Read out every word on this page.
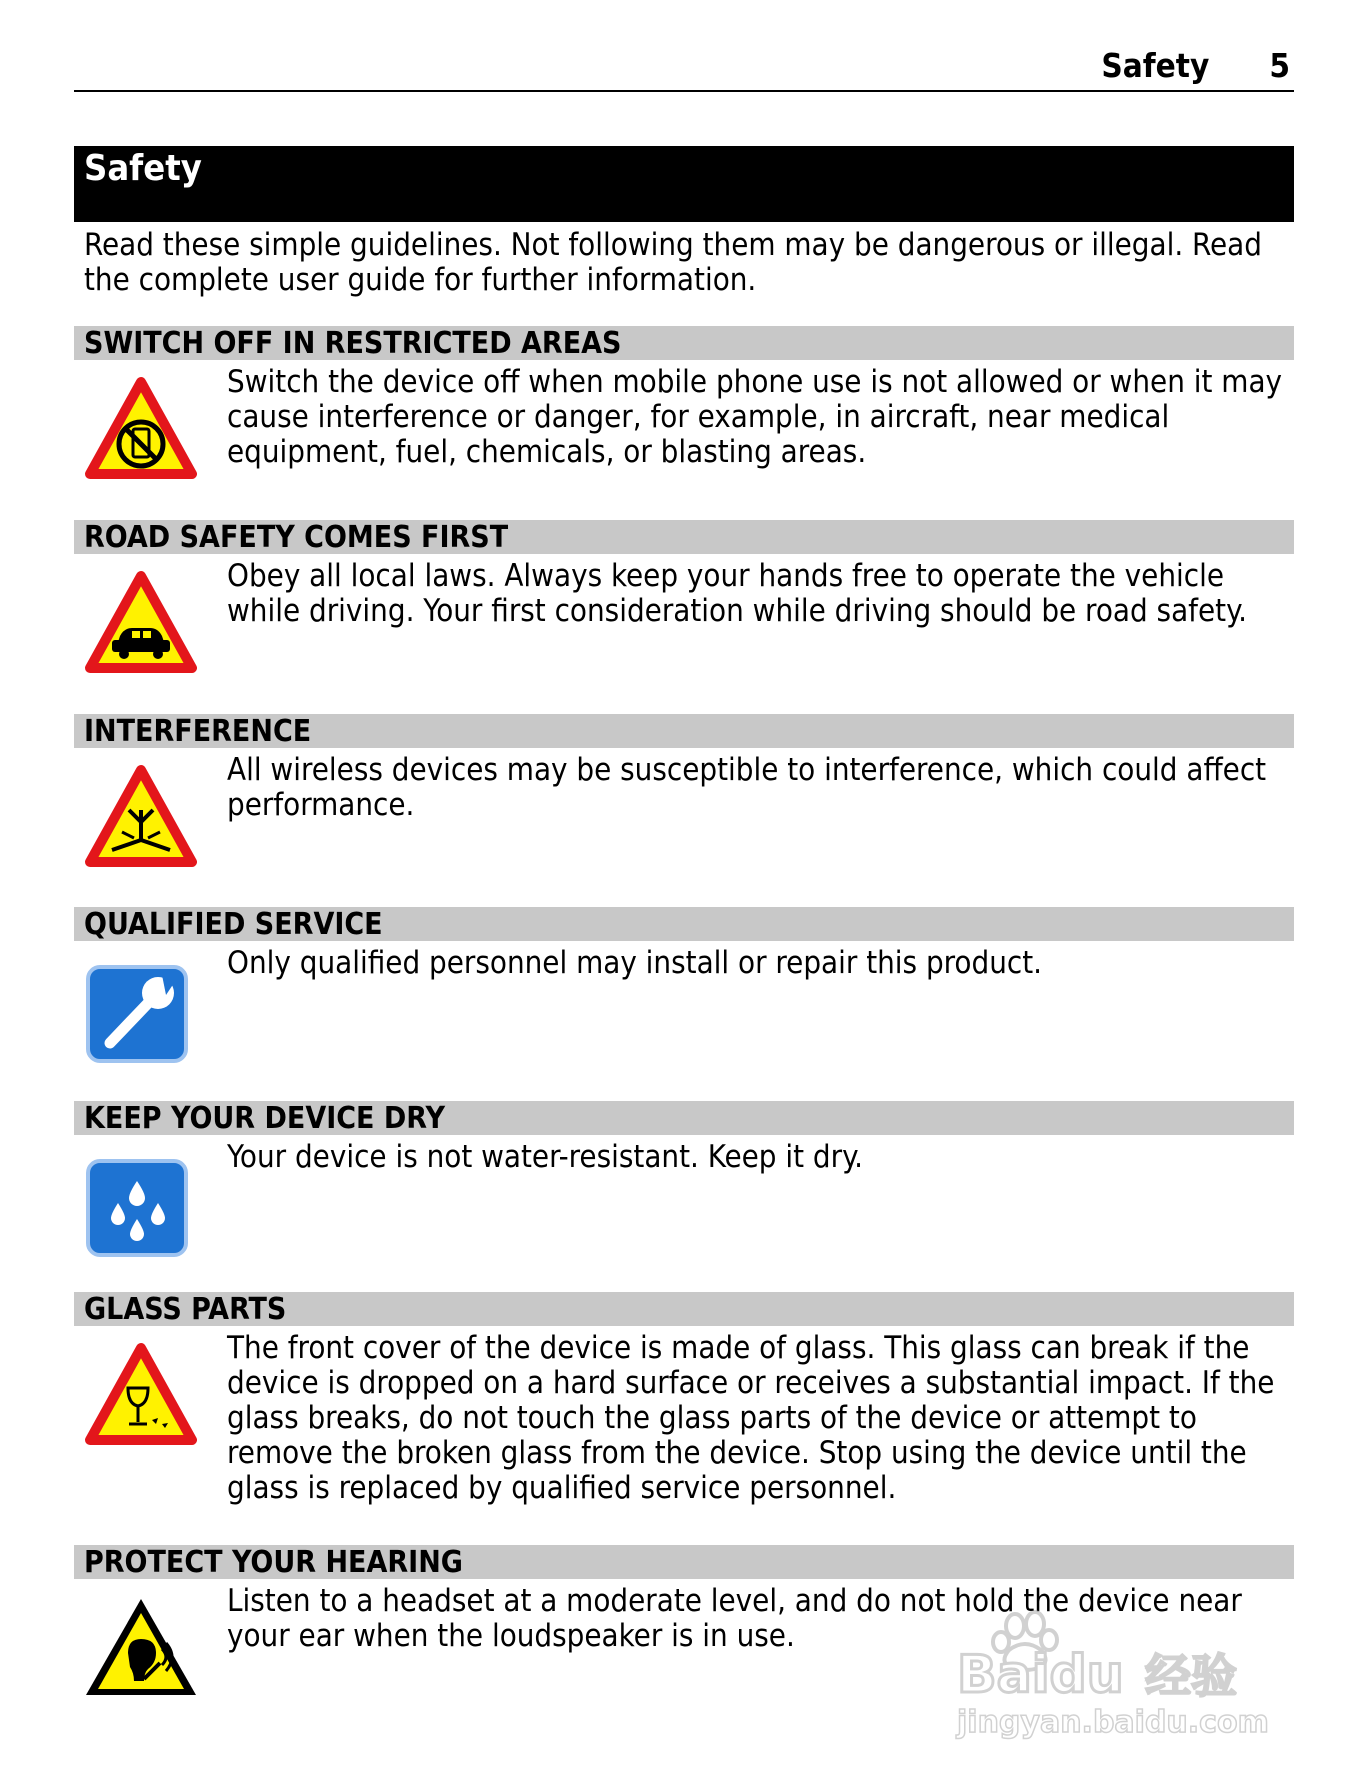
Safety 5
Safety
Read these simple guidelines. Not following them may be dangerous or illegal. Read the complete user guide for further information.
SWITCH OFF IN RESTRICTED AREAS
Switch the device off when mobile phone use is not allowed or when it may cause interference or danger, for example, in aircraft, near medical equipment, fuel, chemicals, or blasting areas.
ROAD SAFETY COMES FIRST
Obey all local laws. Always keep your hands free to operate the vehicle while driving. Your first consideration while driving should be road safety.
INTERFERENCE
All wireless devices may be susceptible to interference, which could affect performance.
QUALIFIED SERVICE
Only qualified personnel may install or repair this product.
KEEP YOUR DEVICE DRY
Your device is not water-resistant. Keep it dry.
GLASS PARTS
The front cover of the device is made of glass. This glass can break if the device is dropped on a hard surface or receives a substantial impact. If the glass breaks, do not touch the glass parts of the device or attempt to remove the broken glass from the device. Stop using the device until the glass is replaced by qualified service personnel.
PROTECT YOUR HEARING
Listen to a headset at a moderate level, and do not hold the device near your ear when the loudspeaker is in use.
Baidu 经验
jingyan.baidu.com
